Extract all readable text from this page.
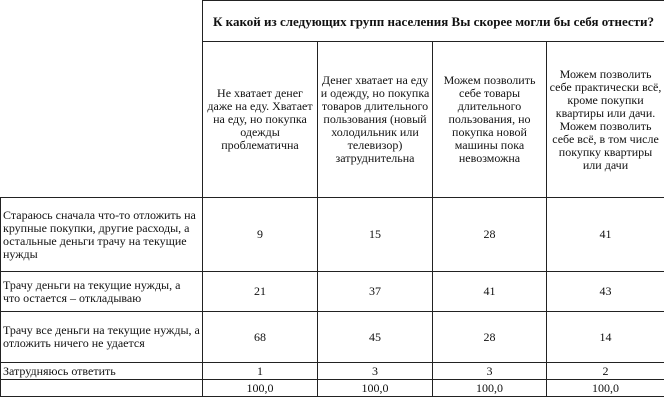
	К какой из следующих групп населения Вы скорее могли бы себя отнести?			
	Не хватает денег даже на еду. Хватает на еду, но покупка одежды проблематична	Денег хватает на еду и одежду, но покупка товаров длительного пользования (новый холодильник или телевизор) затруднительна	Можем позволить себе товары длительного пользования, но покупка новой машины пока невозможна	Можем позволить себе практически всё, кроме покупки квартиры или дачи. Можем позволить себе всё, в том числе покупку квартиры или дачи
Стараюсь сначала что-то отложить на крупные покупки, другие расходы, а остальные деньги трачу на текущие нужды	9	15	28	41
Трачу деньги на текущие нужды, а что остается – откладываю	21	37	41	43
Трачу все деньги на текущие нужды, а отложить ничего не удается	68	45	28	14
Затрудняюсь ответить	1	3	3	2
	100,0	100,0	100,0	100,0
